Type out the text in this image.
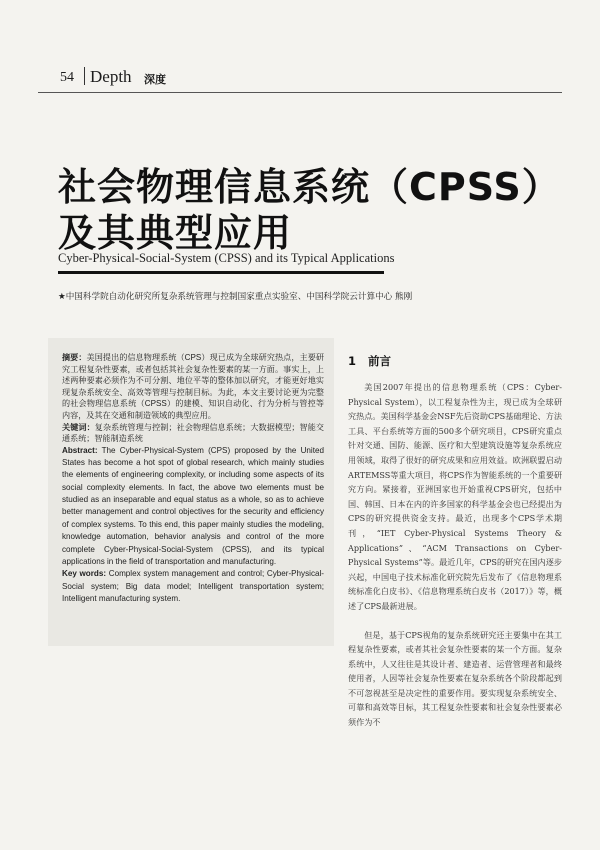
54 Depth 深度
社会物理信息系统（CPSS）
及其典型应用
Cyber-Physical-Social-System (CPSS) and its Typical Applications
★中国科学院自动化研究所复杂系统管理与控制国家重点实验室、中国科学院云计算中心 熊刚

摘要：美国提出的信息物理系统（CPS）现已成为全球研究热点，主要研究工程复杂性要素，或者包括其社会复杂性要素的某一方面。事实上，上述两种要素必须作为不可分割、地位平等的整体加以研究，才能更好地实现复杂系统安全、高效等管理与控制目标。为此，本文主要讨论更为完整的社会物理信息系统（CPSS）的建模、知识自动化、行为分析与管控等内容，及其在交通和制造领域的典型应用。

关键词：复杂系统管理与控制；社会物理信息系统；大数据模型；智能交通系统；智能制造系统

Abstract: The Cyber-Physical-System (CPS) proposed by the United States has become a hot spot of global research, which mainly studies the elements of engineering complexity, or including some aspects of its social complexity elements. In fact, the above two elements must be studied as an inseparable and equal status as a whole, so as to achieve better management and control objectives for the security and efficiency of complex systems. To this end, this paper mainly studies the modeling, knowledge automation, behavior analysis and control of the more complete Cyber-Physical-Social-System (CPSS), and its typical applications in the field of transportation and manufacturing.

Key words: Complex system management and control; Cyber-Physical-Social system; Big data model; Intelligent transportation system; Intelligent manufacturing system.

1 前言

美国2007年提出的信息物理系统（CPS：Cyber-Physical System），以工程复杂性为主，现已成为全球研究热点。美国科学基金会NSF先后资助CPS基础理论、方法工具、平台系统等方面的500多个研究项目，CPS研究重点针对交通、国防、能源、医疗和大型建筑设施等复杂系统应用领域，取得了很好的研究成果和应用效益。欧洲联盟启动ARTEMSS等重大项目，将CPS作为智能系统的一个重要研究方向。紧接着，亚洲国家也开始重视CPS研究，包括中国、韩国、日本在内的许多国家的科学基金会也已经提出为CPS的研究提供资金支持。最近，出现多个CPS学术期刊，“IET Cyber-Physical Systems Theory & Applications”、“ACM Transactions on Cyber-Physical Systems”等。最近几年，CPS的研究在国内逐步兴起，中国电子技术标准化研究院先后发布了《信息物理系统标准化白皮书》、《信息物理系统白皮书（2017）》等，概述了CPS最新进展。

但是，基于CPS视角的复杂系统研究还主要集中在其工程复杂性要素，或者其社会复杂性要素的某一个方面。复杂系统中，人又往往是其设计者、建造者、运营管理者和最终使用者，人因等社会复杂性要素在复杂系统各个阶段都起到不可忽视甚至是决定性的重要作用。要实现复杂系统安全、可靠和高效等目标，其工程复杂性要素和社会复杂性要素必须作为不
